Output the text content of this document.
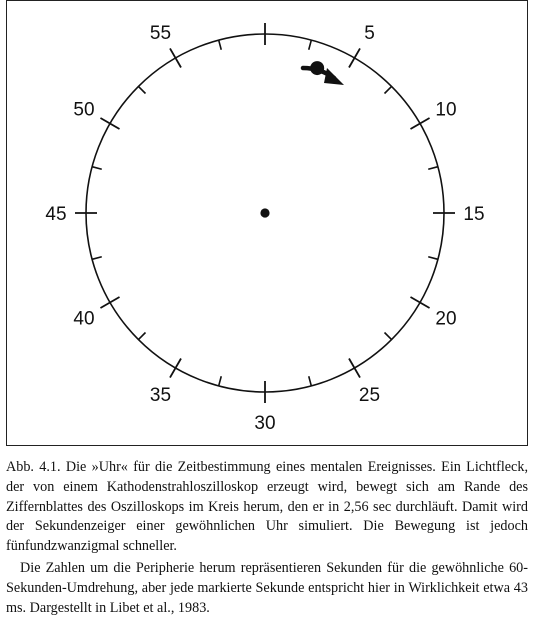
5
10
15
20
25
30
35
40
45
50
55

Abb. 4.1. Die »Uhr« für die Zeitbestimmung eines mentalen Ereignisses. Ein Lichtfleck, der von einem Kathodenstrahloszilloskop erzeugt wird, bewegt sich am Rande des Ziffernblattes des Oszilloskops im Kreis herum, den er in 2,56 sec durchläuft. Damit wird der Sekundenzeiger einer gewöhnlichen Uhr simuliert. Die Bewegung ist jedoch fünfundzwanzigmal schneller.

Die Zahlen um die Peripherie herum repräsentieren Sekunden für die gewöhnliche 60-Sekunden-Umdrehung, aber jede markierte Sekunde entspricht hier in Wirklichkeit etwa 43 ms. Dargestellt in Libet et al., 1983.
